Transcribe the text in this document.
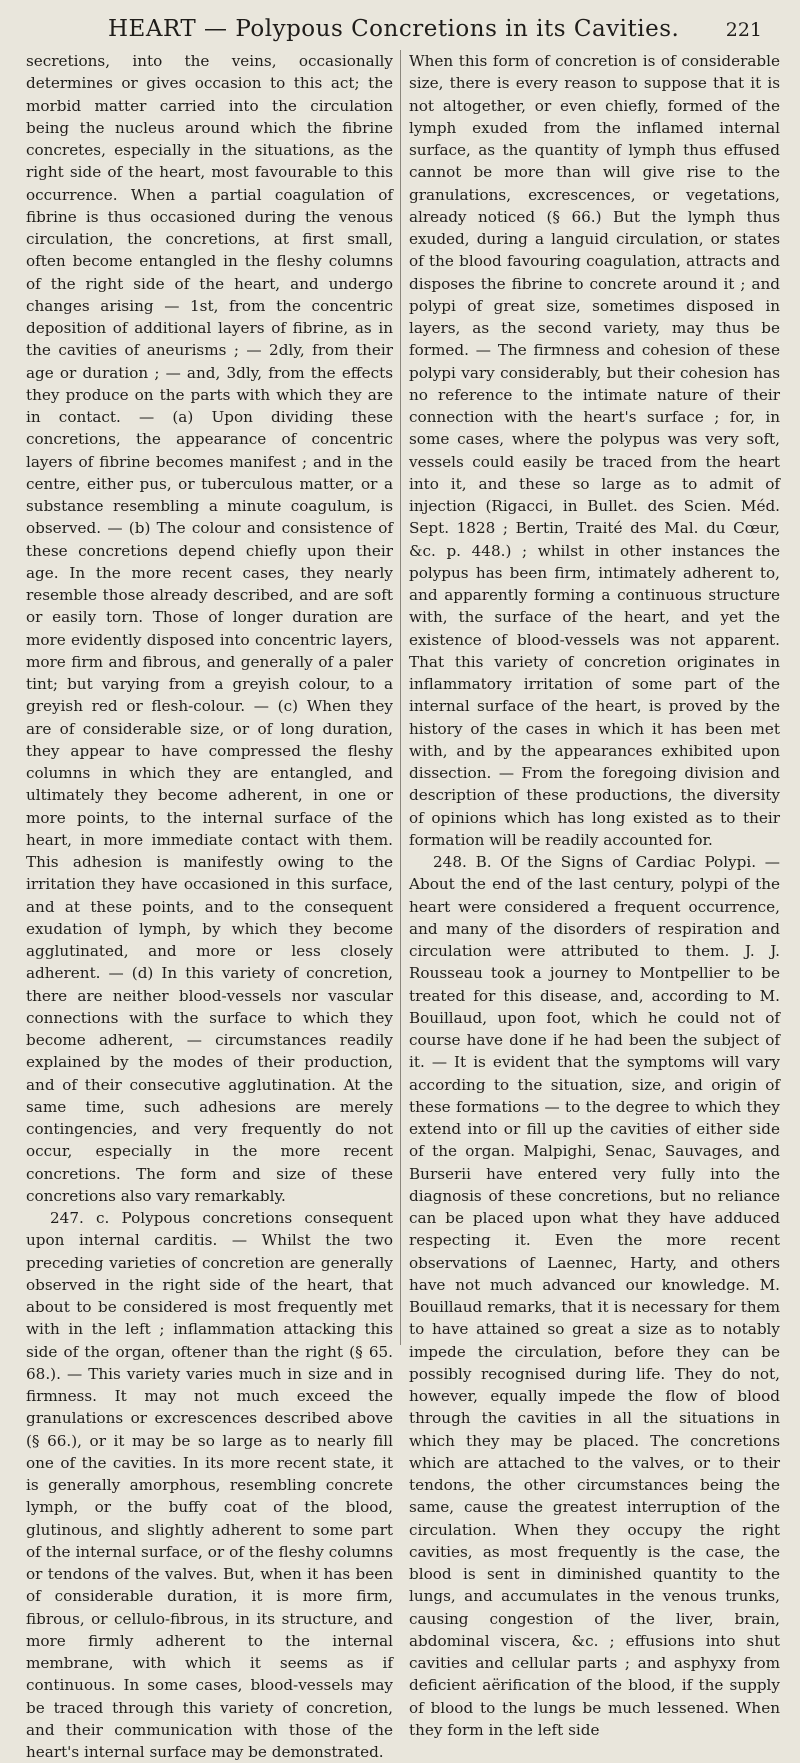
HEART — Polypous Concretions in its Cavities. 221

secretions, into the veins, occasionally determines or gives occasion to this act; the morbid matter carried into the circulation being the nucleus around which the fibrine concretes, especially in the situations, as the right side of the heart, most favourable to this occurrence. When a partial coagulation of fibrine is thus occasioned during the venous circulation, the concretions, at first small, often become entangled in the fleshy columns of the right side of the heart, and undergo changes arising — 1st, from the concentric deposition of additional layers of fibrine, as in the cavities of aneurisms ; — 2dly, from their age or duration ; — and, 3dly, from the effects they produce on the parts with which they are in contact. — (a) Upon dividing these concretions, the appearance of concentric layers of fibrine becomes manifest ; and in the centre, either pus, or tuberculous matter, or a substance resembling a minute coagulum, is observed. — (b) The colour and consistence of these concretions depend chiefly upon their age. In the more recent cases, they nearly resemble those already described, and are soft or easily torn. Those of longer duration are more evidently disposed into concentric layers, more firm and fibrous, and generally of a paler tint; but varying from a greyish colour, to a greyish red or flesh-colour. — (c) When they are of considerable size, or of long duration, they appear to have compressed the fleshy columns in which they are entangled, and ultimately they become adherent, in one or more points, to the internal surface of the heart, in more immediate contact with them. This adhesion is manifestly owing to the irritation they have occasioned in this surface, and at these points, and to the consequent exudation of lymph, by which they become agglutinated, and more or less closely adherent. — (d) In this variety of concretion, there are neither blood-vessels nor vascular connections with the surface to which they become adherent, — circumstances readily explained by the modes of their production, and of their consecutive agglutination. At the same time, such adhesions are merely contingencies, and very frequently do not occur, especially in the more recent concretions. The form and size of these concretions also vary remarkably.

247. c. Polypous concretions consequent upon internal carditis. — Whilst the two preceding varieties of concretion are generally observed in the right side of the heart, that about to be considered is most frequently met with in the left ; inflammation attacking this side of the organ, oftener than the right (§ 65. 68.). — This variety varies much in size and in firmness. It may not much exceed the granulations or excrescences described above (§ 66.), or it may be so large as to nearly fill one of the cavities. In its more recent state, it is generally amorphous, resembling concrete lymph, or the buffy coat of the blood, glutinous, and slightly adherent to some part of the internal surface, or of the fleshy columns or tendons of the valves. But, when it has been of considerable duration, it is more firm, fibrous, or cellulo-fibrous, in its structure, and more firmly adherent to the internal membrane, with which it seems as if continuous. In some cases, blood-vessels may be traced through this variety of concretion, and their communication with those of the heart's internal surface may be demonstrated.

When this form of concretion is of considerable size, there is every reason to suppose that it is not altogether, or even chiefly, formed of the lymph exuded from the inflamed internal surface, as the quantity of lymph thus effused cannot be more than will give rise to the granulations, excrescences, or vegetations, already noticed (§ 66.) But the lymph thus exuded, during a languid circulation, or states of the blood favouring coagulation, attracts and disposes the fibrine to concrete around it ; and polypi of great size, sometimes disposed in layers, as the second variety, may thus be formed. — The firmness and cohesion of these polypi vary considerably, but their cohesion has no reference to the intimate nature of their connection with the heart's surface ; for, in some cases, where the polypus was very soft, vessels could easily be traced from the heart into it, and these so large as to admit of injection (Rigacci, in Bullet. des Scien. Méd. Sept. 1828 ; Bertin, Traité des Mal. du Cœur, &c. p. 448.) ; whilst in other instances the polypus has been firm, intimately adherent to, and apparently forming a continuous structure with, the surface of the heart, and yet the existence of blood-vessels was not apparent. That this variety of concretion originates in inflammatory irritation of some part of the internal surface of the heart, is proved by the history of the cases in which it has been met with, and by the appearances exhibited upon dissection. — From the foregoing division and description of these productions, the diversity of opinions which has long existed as to their formation will be readily accounted for.

248. B. Of the Signs of Cardiac Polypi. — About the end of the last century, polypi of the heart were considered a frequent occurrence, and many of the disorders of respiration and circulation were attributed to them. J. J. Rousseau took a journey to Montpellier to be treated for this disease, and, according to M. Bouillaud, upon foot, which he could not of course have done if he had been the subject of it. — It is evident that the symptoms will vary according to the situation, size, and origin of these formations — to the degree to which they extend into or fill up the cavities of either side of the organ. Malpighi, Senac, Sauvages, and Burserii have entered very fully into the diagnosis of these concretions, but no reliance can be placed upon what they have adduced respecting it. Even the more recent observations of Laennec, Harty, and others have not much advanced our knowledge. M. Bouillaud remarks, that it is necessary for them to have attained so great a size as to notably impede the circulation, before they can be possibly recognised during life. They do not, however, equally impede the flow of blood through the cavities in all the situations in which they may be placed. The concretions which are attached to the valves, or to their tendons, the other circumstances being the same, cause the greatest interruption of the circulation. When they occupy the right cavities, as most frequently is the case, the blood is sent in diminished quantity to the lungs, and accumulates in the venous trunks, causing congestion of the liver, brain, abdominal viscera, &c. ; effusions into shut cavities and cellular parts ; and asphyxy from deficient aërification of the blood, if the supply of blood to the lungs be much lessened. When they form in the left side
